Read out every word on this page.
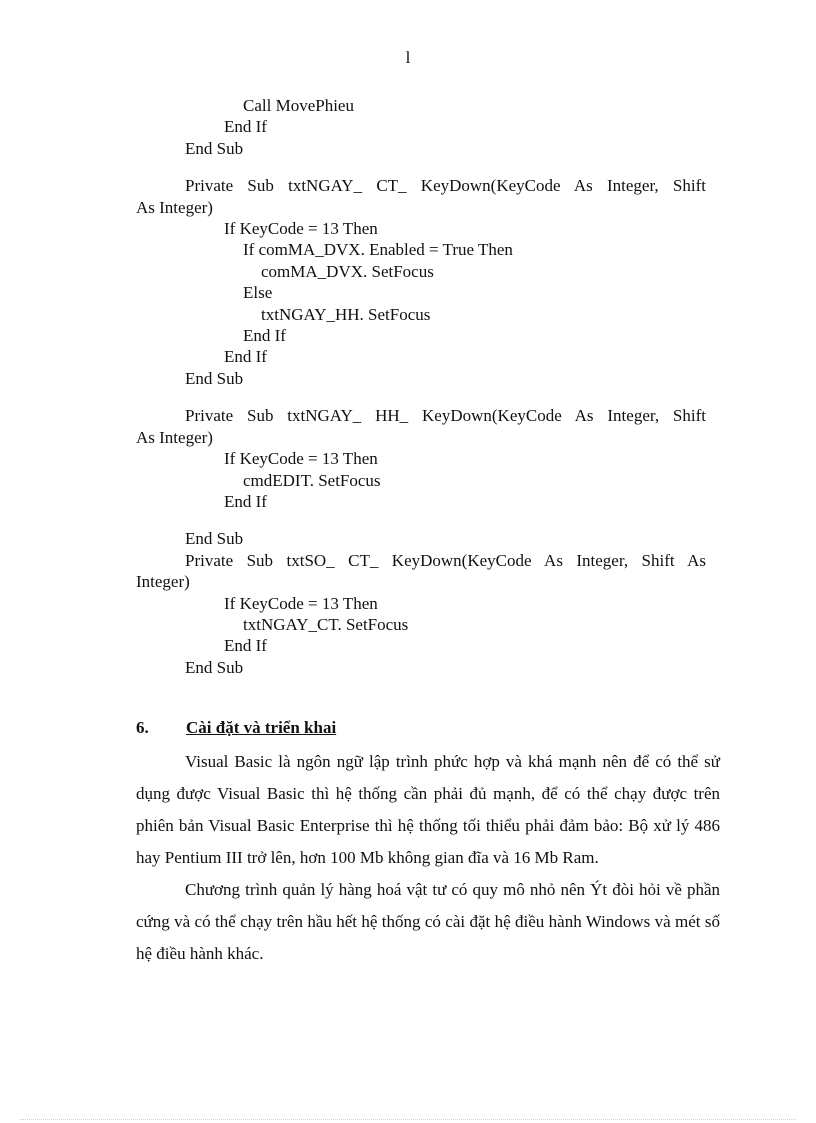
l
Call MovePhieu
End If
End Sub
Private Sub txtNGAY_ CT_ KeyDown(KeyCode As Integer, Shift
As Integer)
If KeyCode = 13 Then
If comMA_DVX. Enabled = True Then
comMA_DVX. SetFocus
Else
txtNGAY_HH. SetFocus
End If
End If
End Sub
Private Sub txtNGAY_ HH_ KeyDown(KeyCode As Integer, Shift
As Integer)
If KeyCode = 13 Then
cmdEDIT. SetFocus
End If
End Sub
Private Sub txtSO_ CT_ KeyDown(KeyCode As Integer, Shift As
Integer)
If KeyCode = 13 Then
txtNGAY_CT. SetFocus
End If
End Sub
6.	Cài đặt và triển khai

Visual Basic là ngôn ngữ lập trình phức hợp và khá mạnh nên để có thể sử dụng được Visual Basic thì hệ thống cần phải đủ mạnh, để có thể chạy được trên phiên bản Visual Basic Enterprise thì hệ thống tối thiểu phải đảm bảo: Bộ xử lý 486 hay Pentium III trở lên, hơn 100 Mb không gian đĩa và 16 Mb Ram.

Chương trình quản lý hàng hoá vật tư có quy mô nhỏ nên Ýt đòi hỏi về phần cứng và có thể chạy trên hầu hết hệ thống có cài đặt hệ điều hành Windows và mét số hệ điều hành khác.
